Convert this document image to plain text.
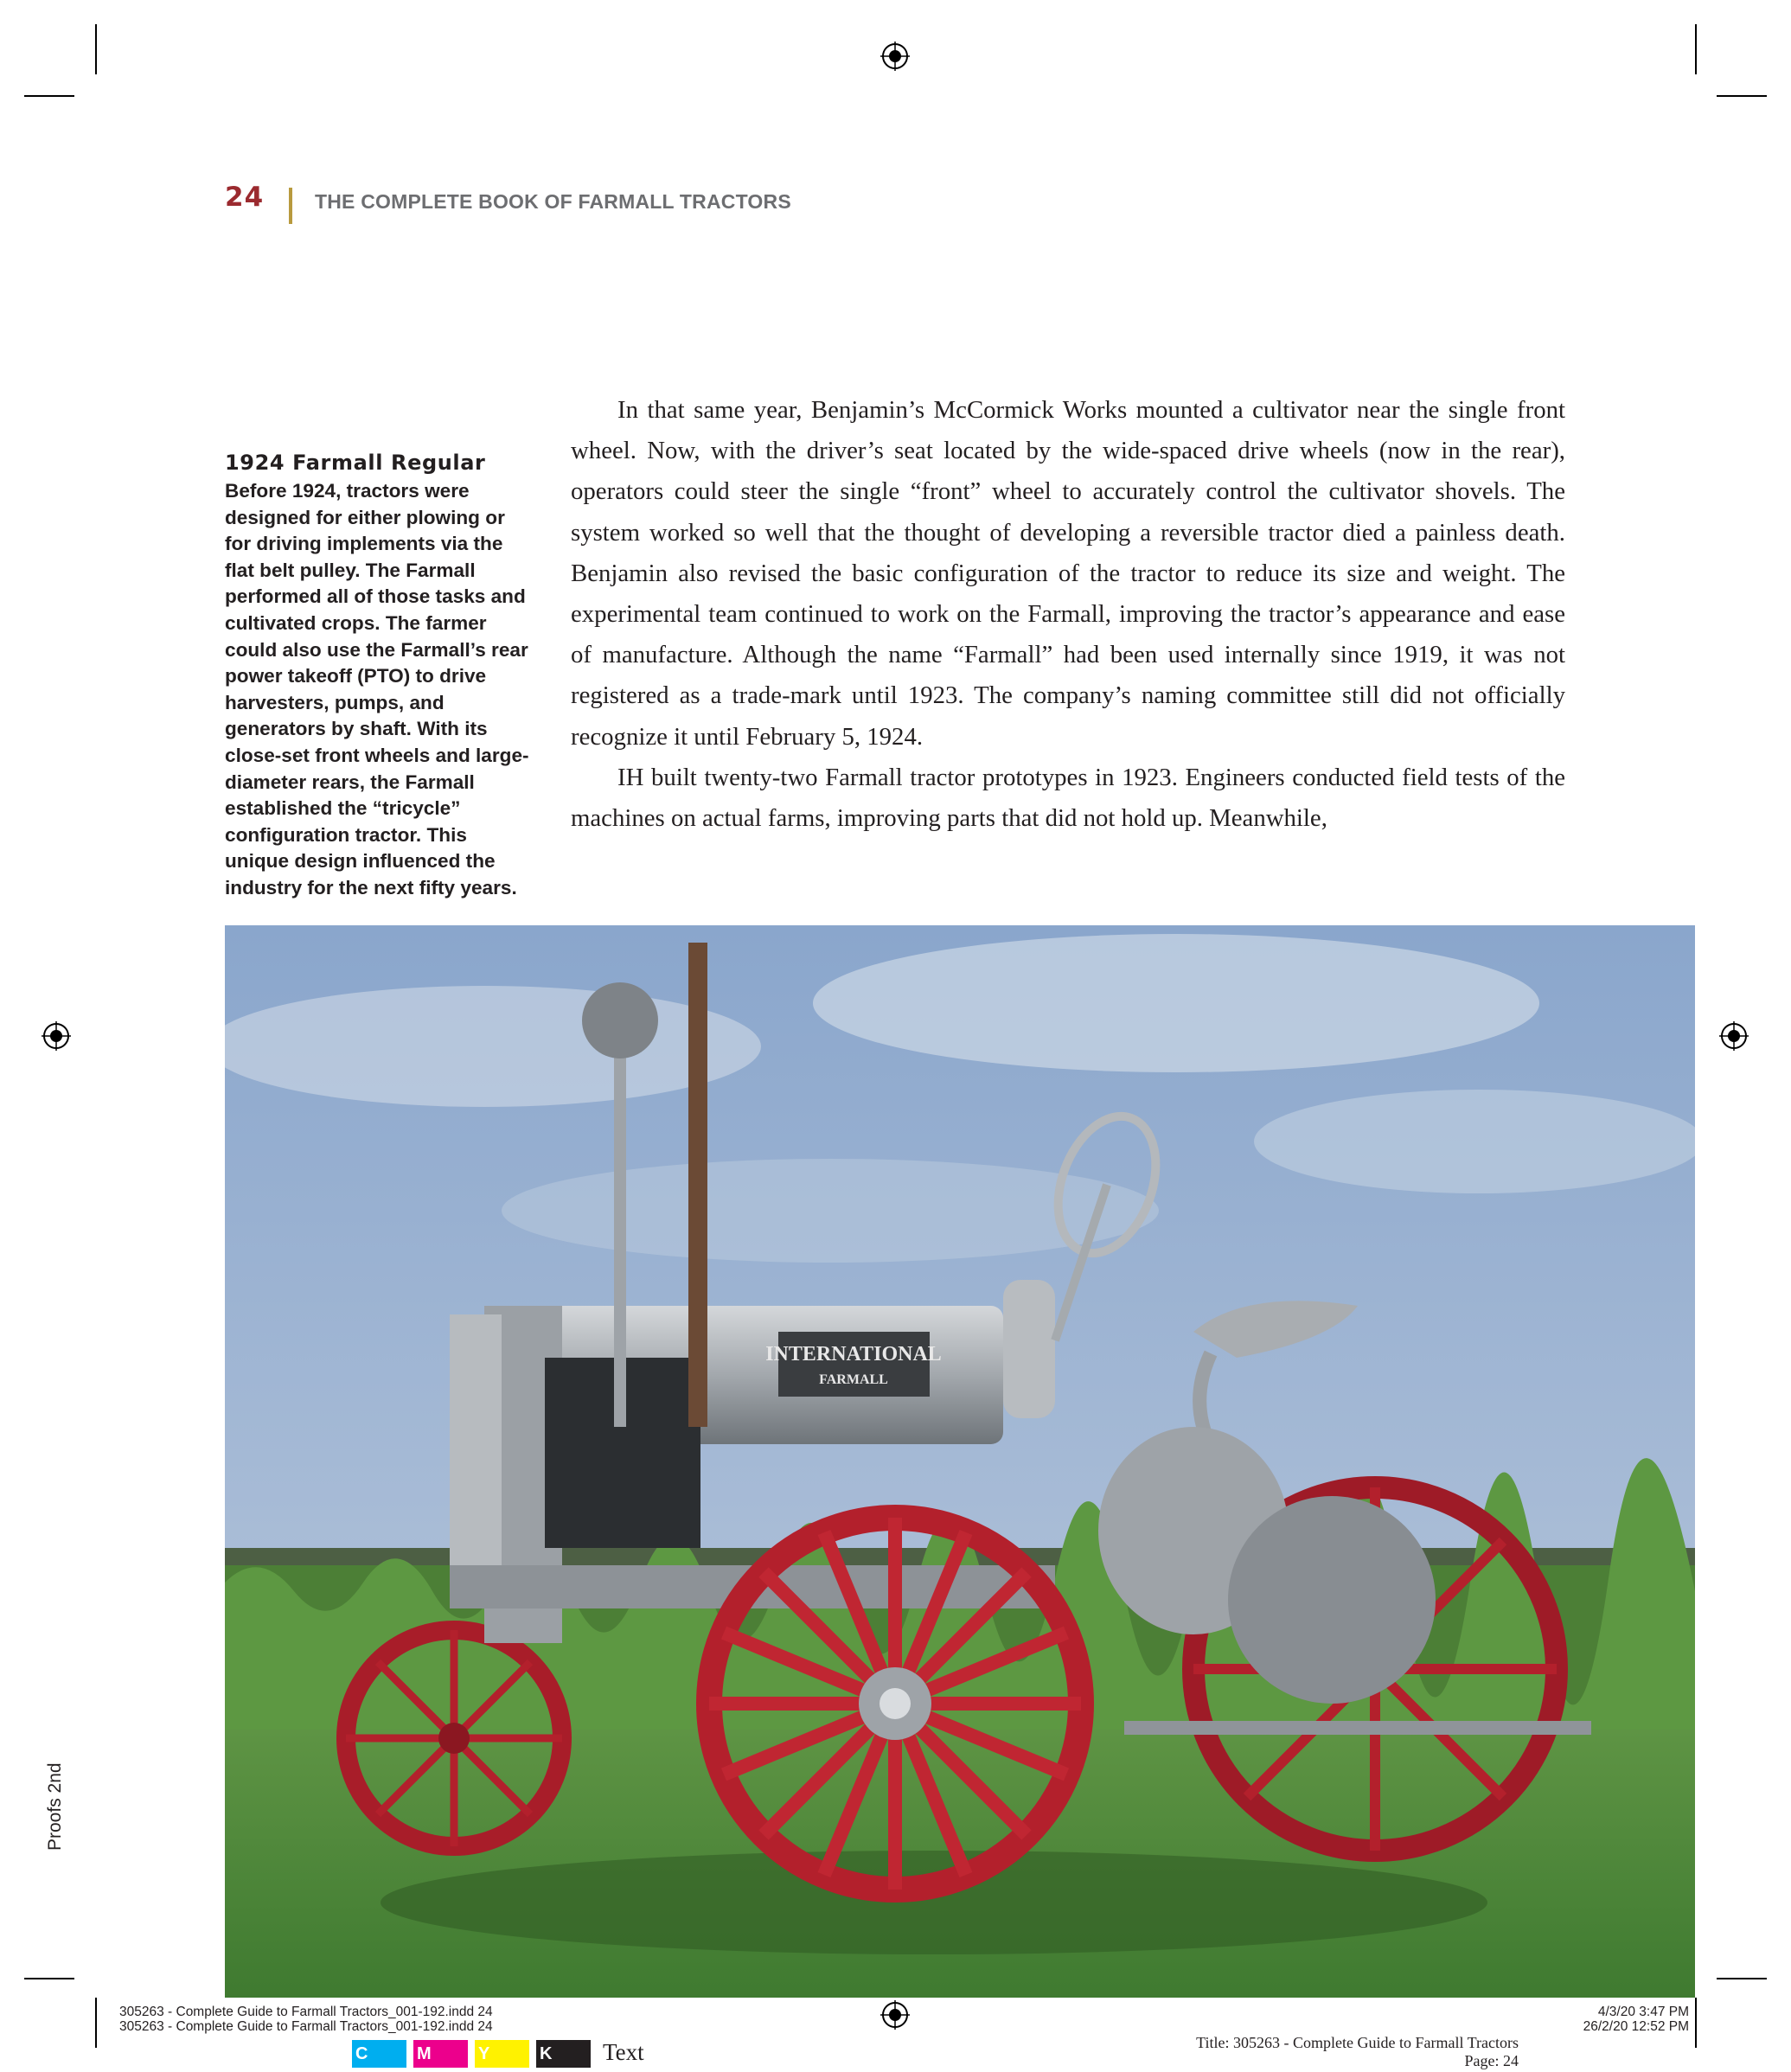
24	THE COMPLETE BOOK OF FARMALL TRACTORS
1924 Farmall Regular
Before 1924, tractors were designed for either plowing or for driving implements via the flat belt pulley. The Farmall performed all of those tasks and cultivated crops. The farmer could also use the Farmall’s rear power takeoff (PTO) to drive harvesters, pumps, and generators by shaft. With its close-set front wheels and large-diameter rears, the Farmall established the “tricycle” configuration tractor. This unique design influenced the industry for the next fifty years.

In that same year, Benjamin’s McCormick Works mounted a cultivator near the single front wheel. Now, with the driver’s seat located by the wide-spaced drive wheels (now in the rear), operators could steer the single “front” wheel to accurately control the cultivator shovels. The system worked so well that the thought of developing a reversible tractor died a painless death. Benjamin also revised the basic configuration of the tractor to reduce its size and weight. The experimental team continued to work on the Farmall, improving the tractor’s appearance and ease of manufacture. Although the name “Farmall” had been used internally since 1919, it was not registered as a trade-mark until 1923. The company’s naming committee still did not officially recognize it until February 5, 1924.

IH built twenty-two Farmall tractor prototypes in 1923. Engineers conducted field tests of the machines on actual farms, improving parts that did not hold up. Meanwhile,

INTERNATIONAL
FARMALL
305263 - Complete Guide to Farmall Tractors_001-192.indd 24
305263 - Complete Guide to Farmall Tractors_001-192.indd 24
4/3/20 3:47 PM
26/2/20 12:52 PM
Title: 305263 - Complete Guide to Farmall Tractors
Page: 24
C	M	Y	K	Text
Proofs 2nd
